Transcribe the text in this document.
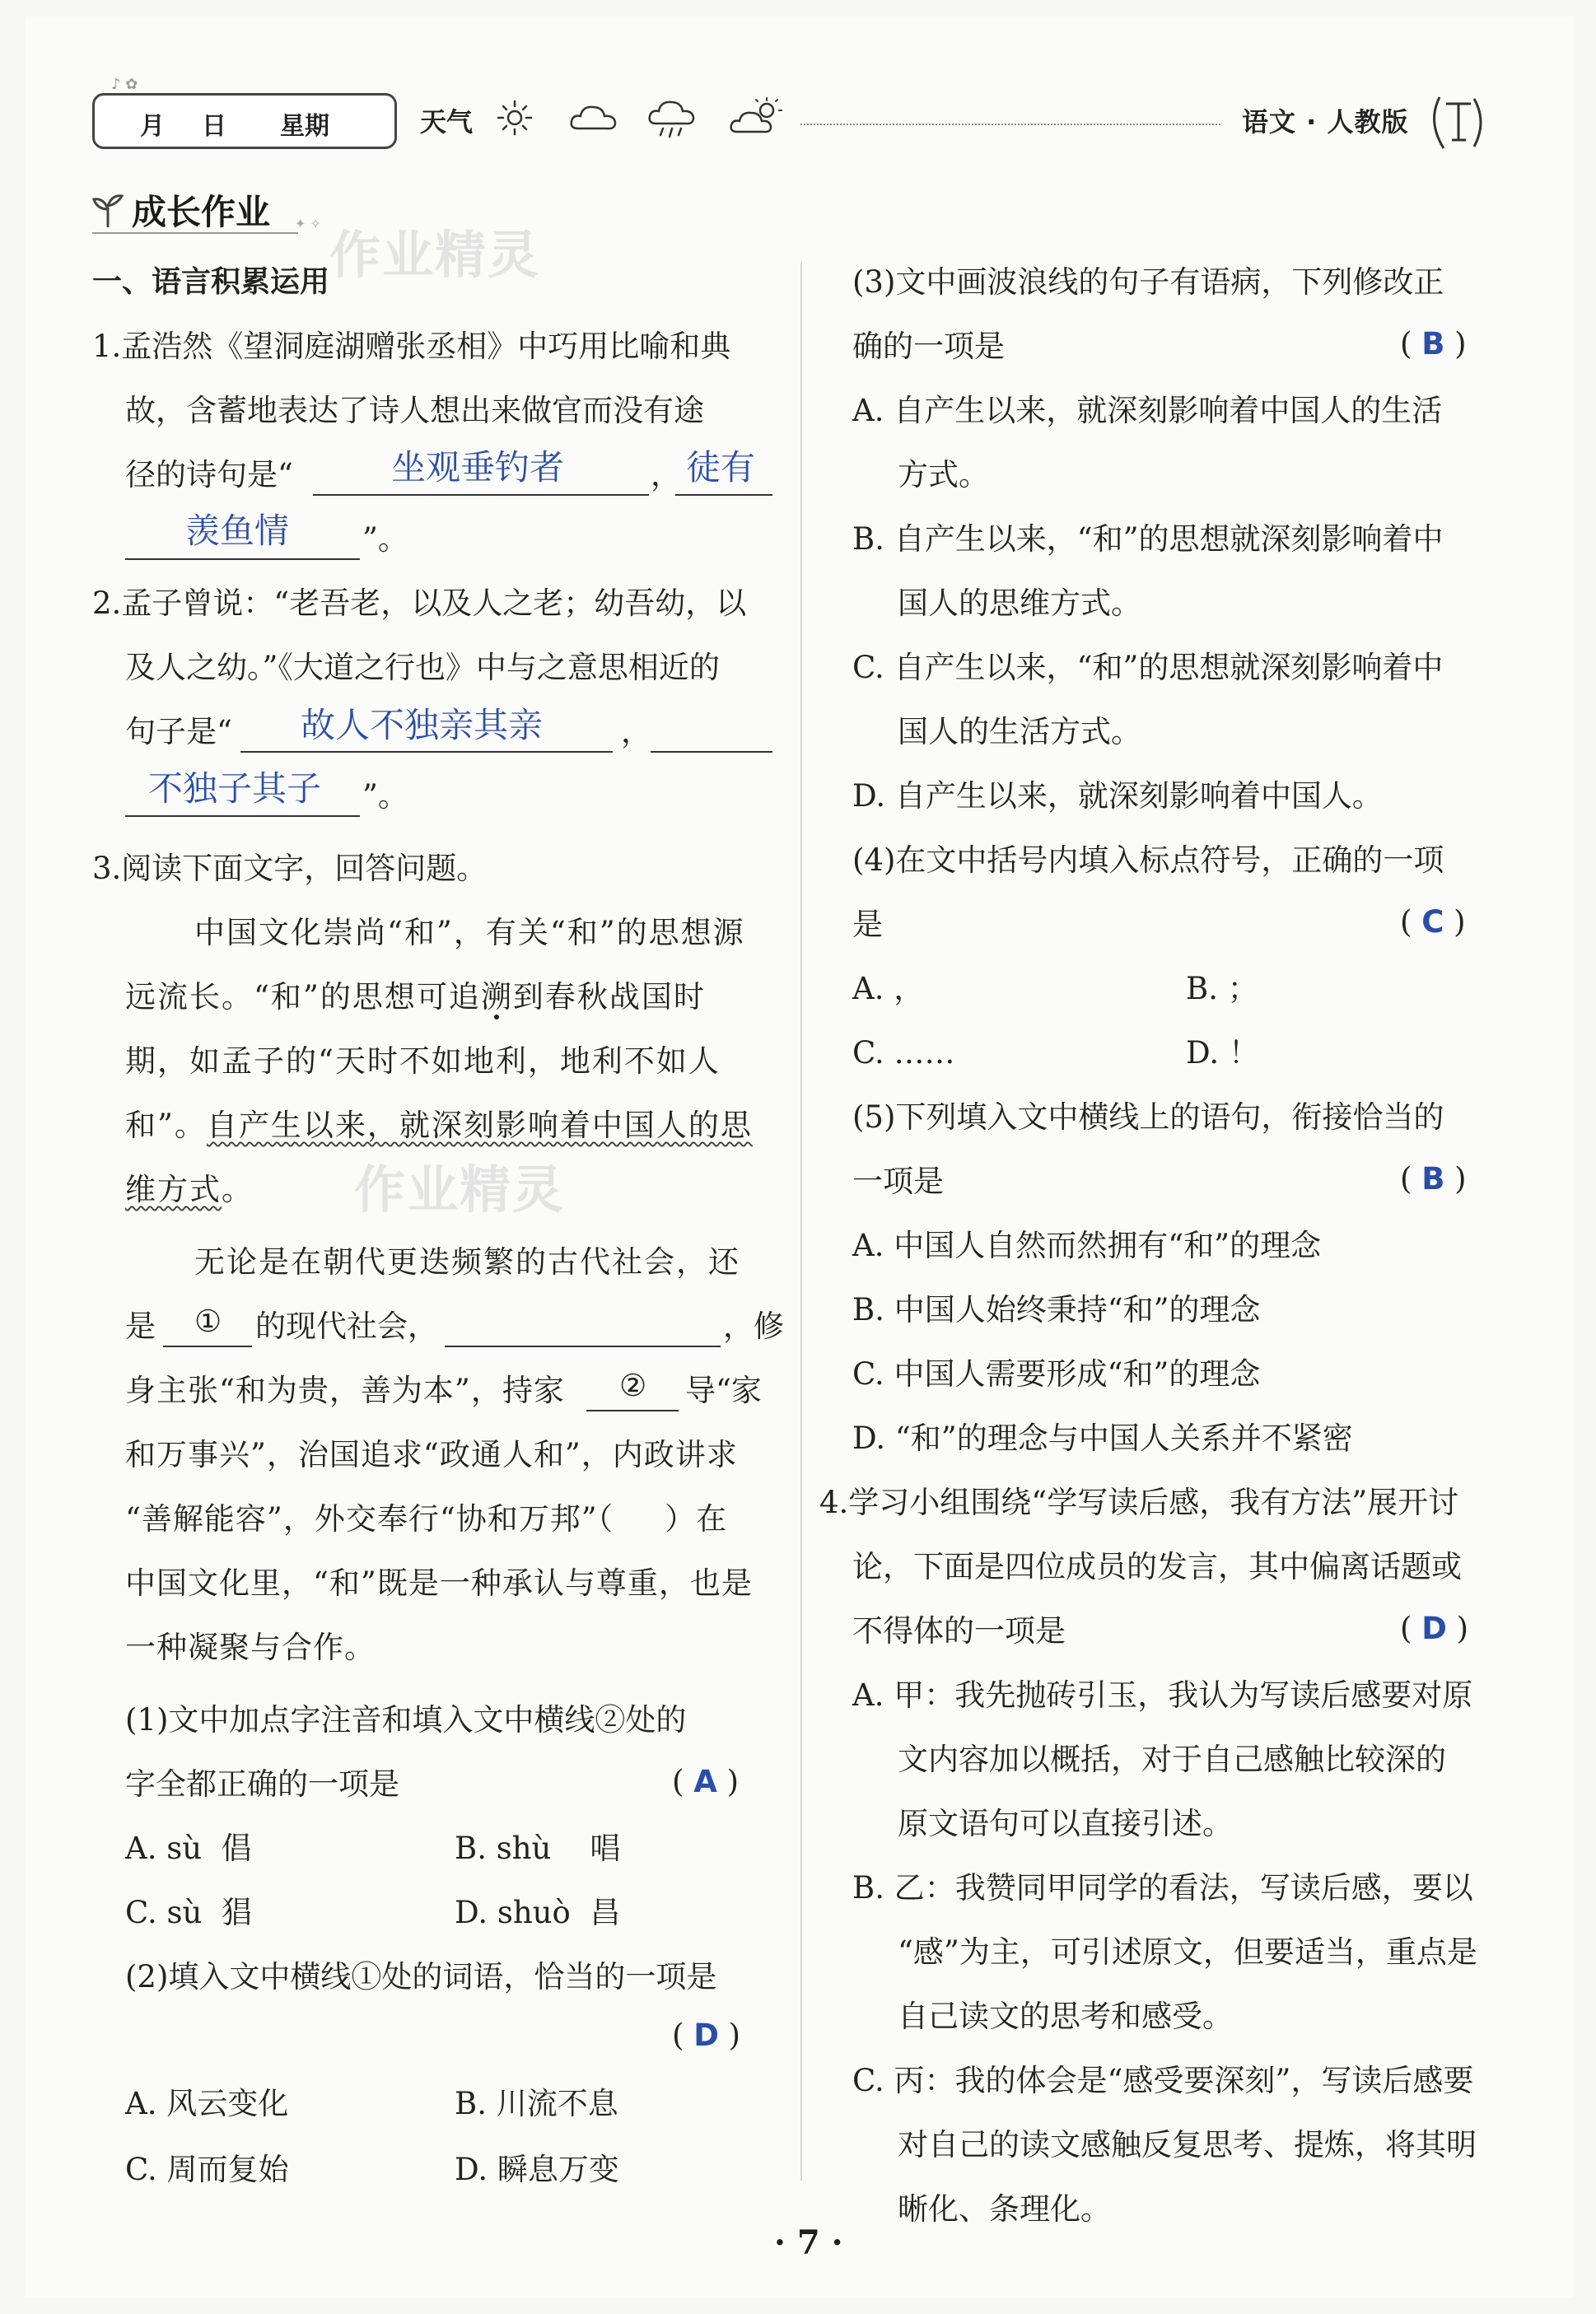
♪ ✿
月 日 星期	天气	语文 · 人教版
成长作业 ✦ ✧
作业精灵
作业精灵
一、语言积累运用
1.孟浩然《望洞庭湖赠张丞相》中巧用比喻和典
故，含蓄地表达了诗人想出来做官而没有途
径的诗句是“	坐观垂钓者	， 徒有
羡鱼情 ”。
2.孟子曾说：“老吾老，以及人之老；幼吾幼，以
及人之幼。”《大道之行也》中与之意思相近的
句子是“ 故人不独亲其亲	，
不独子其子 ”。
3.阅读下面文字，回答问题。
中国文化崇尚“和”，有关“和”的思想源
远流长。“和”的思想可追溯到春秋战国时
期，如孟子的“天时不如地利，地利不如人
和”。自产生以来，就深刻影响着中国人的思
维方式。
无论是在朝代更迭频繁的古代社会，还
是 ① 的现代社会，	，修
身主张“和为贵，善为本”，持家 ② 导“家
和万事兴”，治国追求“政通人和”，内政讲求
“善解能容”，外交奉行“协和万邦”（ ）在
中国文化里，“和”既是一种承认与尊重，也是
一种凝聚与合作。
(1)文中加点字注音和填入文中横线②处的
字全都正确的一项是	( A )
A. sù 倡	B. shù 唱
C. sù 猖	D. shuò 昌
(2)填入文中横线①处的词语，恰当的一项是
( D )
A. 风云变化	B. 川流不息
C. 周而复始	D. 瞬息万变
(3)文中画波浪线的句子有语病，下列修改正
确的一项是	( B )
A. 自产生以来，就深刻影响着中国人的生活
方式。
B. 自产生以来，“和”的思想就深刻影响着中
国人的思维方式。
C. 自产生以来，“和”的思想就深刻影响着中
国人的生活方式。
D. 自产生以来，就深刻影响着中国人。
(4)在文中括号内填入标点符号，正确的一项
是	( C )
A. ，	B. ；
C. ……	D. ！
(5)下列填入文中横线上的语句，衔接恰当的
一项是	( B )
A. 中国人自然而然拥有“和”的理念
B. 中国人始终秉持“和”的理念
C. 中国人需要形成“和”的理念
D. “和”的理念与中国人关系并不紧密
4.学习小组围绕“学写读后感，我有方法”展开讨
论，下面是四位成员的发言，其中偏离话题或
不得体的一项是	( D )
A. 甲：我先抛砖引玉，我认为写读后感要对原
文内容加以概括，对于自己感触比较深的
原文语句可以直接引述。
B. 乙：我赞同甲同学的看法，写读后感，要以
“感”为主，可引述原文，但要适当，重点是
自己读文的思考和感受。
C. 丙：我的体会是“感受要深刻”，写读后感要
对自己的读文感触反复思考、提炼，将其明
晰化、条理化。
· 7 ·
